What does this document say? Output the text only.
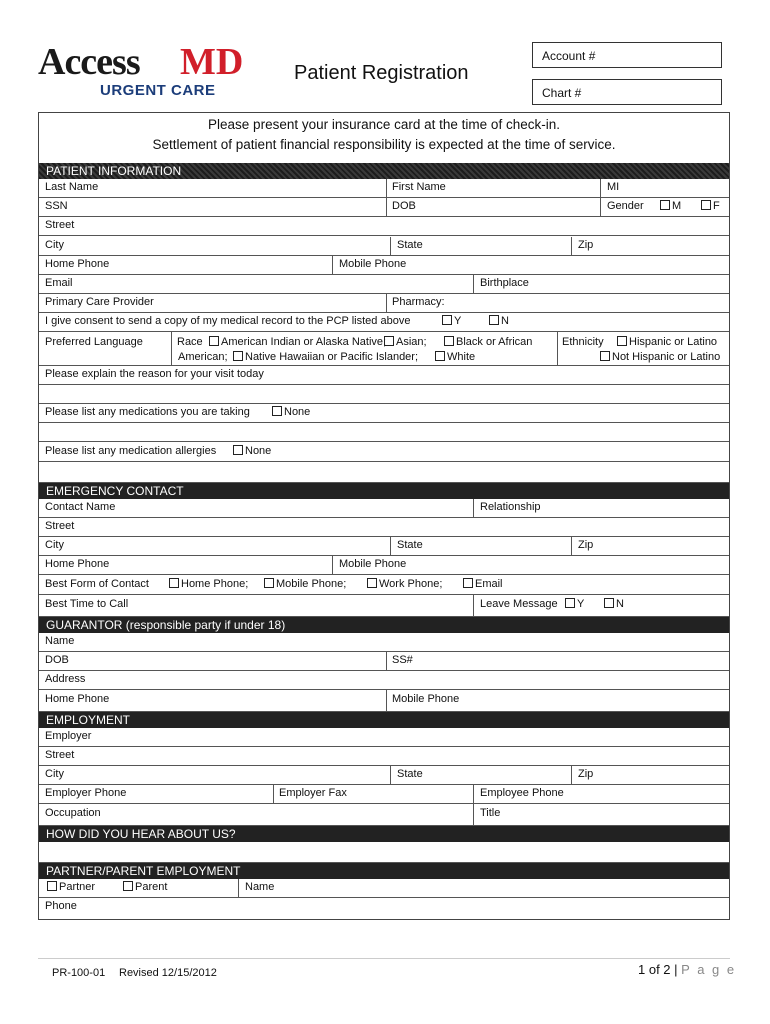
Access MD
URGENT CARE
Patient Registration
Account #
Chart #
Please present your insurance card at the time of check-in.
Settlement of patient financial responsibility is expected at the time of service.
PATIENT INFORMATION
Last Name	First Name	MI
SSN	DOB	Gender	M	F
Street
City	State	Zip
Home Phone	Mobile Phone
Email	Birthplace
Primary Care Provider	Pharmacy:
I give consent to send a copy of my medical record to the PCP listed above	Y	N
Preferred Language	Race	American Indian or Alaska Native; Asian;	Black or African
American;	Native Hawaiian or Pacific Islander;	White
Ethnicity	Hispanic or Latino
Not Hispanic or Latino
Please explain the reason for your visit today
Please list any medications you are taking	None
Please list any medication allergies	None
EMERGENCY CONTACT
Contact Name	Relationship
Street
City	State	Zip
Home Phone	Mobile Phone
Best Form of Contact	Home Phone;	Mobile Phone;	Work Phone;	Email
Best Time to Call	Leave Message	Y	N
GUARANTOR (responsible party if under 18)
Name
DOB	SS#
Address
Home Phone	Mobile Phone
EMPLOYMENT
Employer
Street
City	State	Zip
Employer Phone	Employer Fax	Employee Phone
Occupation	Title
HOW DID YOU HEAR ABOUT US?
PARTNER/PARENT EMPLOYMENT
Partner	Parent	Name
Phone
PR-100-01 Revised 12/15/2012	1 of 2 | P a g e
